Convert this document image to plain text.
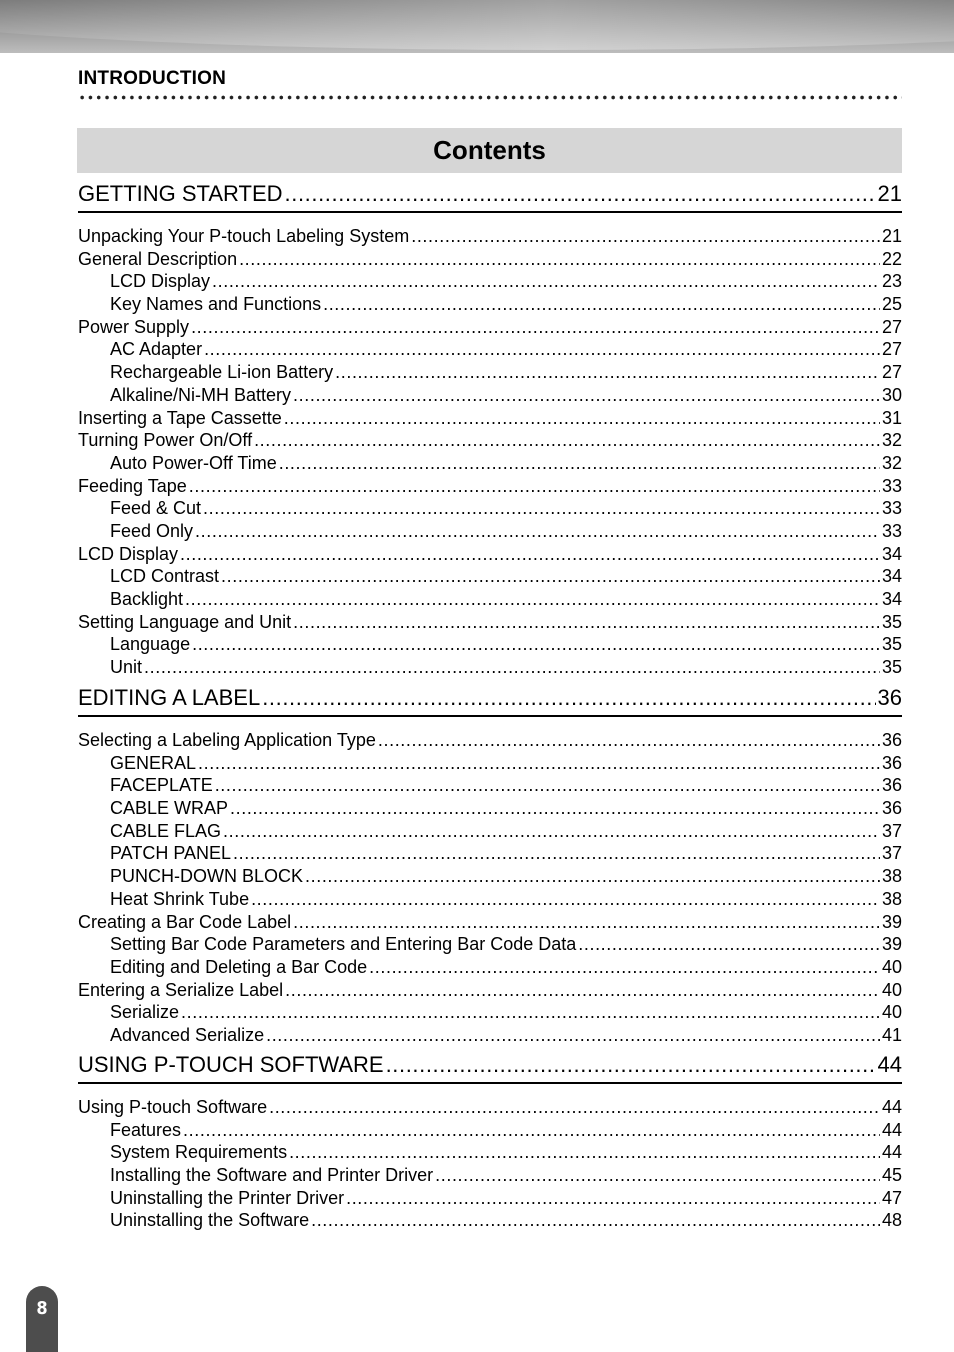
INTRODUCTION
Contents
GETTING STARTED .....	21
Unpacking Your P-touch Labeling System .....	21
General Description .....	22
LCD Display .....	23
Key Names and Functions .....	25
Power Supply .....	27
AC Adapter .....	27
Rechargeable Li-ion Battery .....	27
Alkaline/Ni-MH Battery .....	30
Inserting a Tape Cassette .....	31
Turning Power On/Off .....	32
Auto Power-Off Time .....	32
Feeding Tape .....	33
Feed & Cut .....	33
Feed Only .....	33
LCD Display .....	34
LCD Contrast .....	34
Backlight .....	34
Setting Language and Unit .....	35
Language .....	35
Unit .....	35
EDITING A LABEL .....	36
Selecting a Labeling Application Type .....	36
GENERAL .....	36
FACEPLATE .....	36
CABLE WRAP .....	36
CABLE FLAG .....	37
PATCH PANEL .....	37
PUNCH-DOWN BLOCK .....	38
Heat Shrink Tube .....	38
Creating a Bar Code Label .....	39
Setting Bar Code Parameters and Entering Bar Code Data .....	39
Editing and Deleting a Bar Code .....	40
Entering a Serialize Label .....	40
Serialize .....	40
Advanced Serialize .....	41
USING P-TOUCH SOFTWARE .....	44
Using P-touch Software .....	44
Features .....	44
System Requirements .....	44
Installing the Software and Printer Driver .....	45
Uninstalling the Printer Driver .....	47
Uninstalling the Software .....	48
8
